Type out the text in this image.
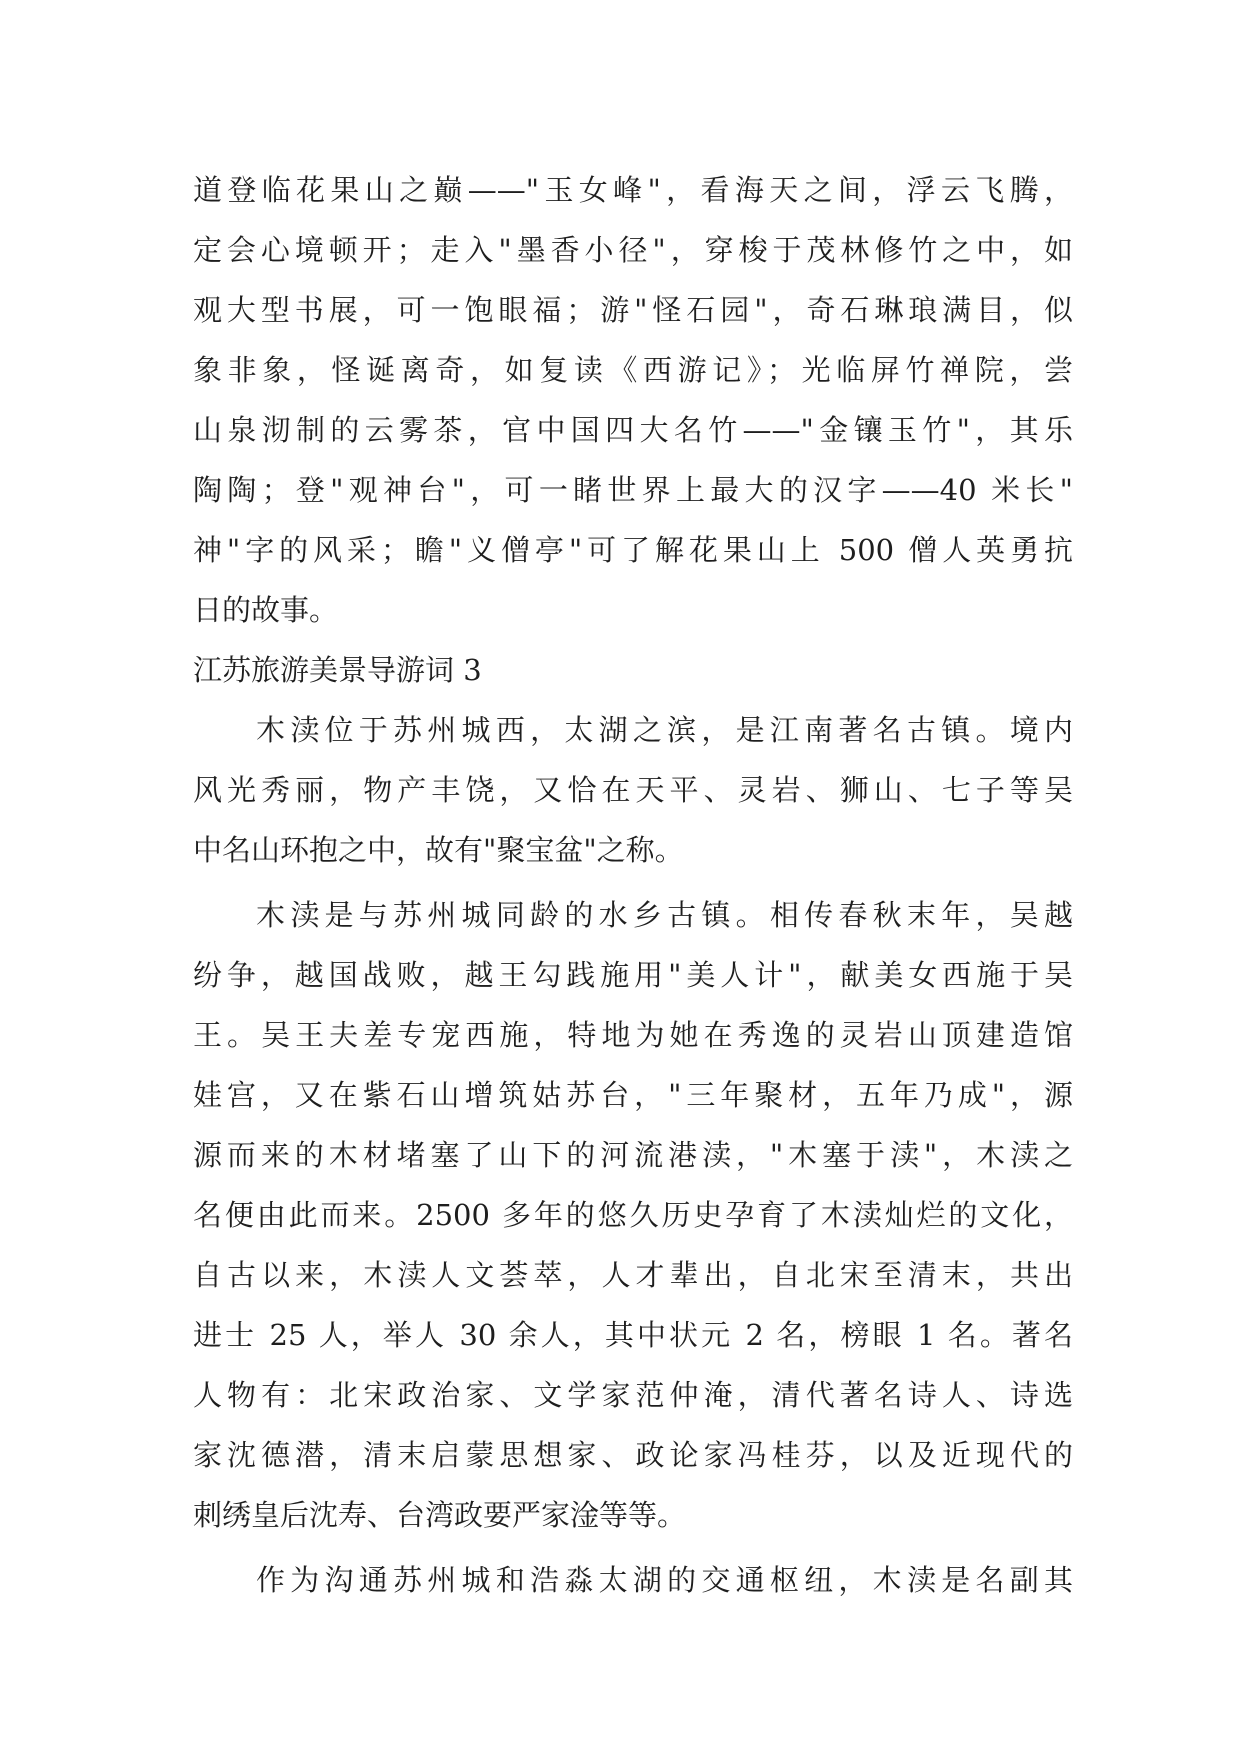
道登临花果山之巅——"玉女峰"，看海天之间，浮云飞腾，
定会心境顿开；走入"墨香小径"，穿梭于茂林修竹之中，如
观大型书展，可一饱眼福；游"怪石园"，奇石琳琅满目，似
象非象，怪诞离奇，如复读《西游记》；光临屏竹禅院，尝
山泉沏制的云雾茶，官中国四大名竹——"金镶玉竹"，其乐
陶陶；登"观神台"，可一睹世界上最大的汉字——40 米长"
神"字的风采；瞻"义僧亭"可了解花果山上 500 僧人英勇抗
日的故事。
江苏旅游美景导游词 3
木渎位于苏州城西，太湖之滨，是江南著名古镇。境内
风光秀丽，物产丰饶，又恰在天平、灵岩、狮山、七子等吴
中名山环抱之中，故有"聚宝盆"之称。
木渎是与苏州城同龄的水乡古镇。相传春秋末年，吴越
纷争，越国战败，越王勾践施用"美人计"，献美女西施于吴
王。吴王夫差专宠西施，特地为她在秀逸的灵岩山顶建造馆
娃宫，又在紫石山增筑姑苏台，"三年聚材，五年乃成"，源
源而来的木材堵塞了山下的河流港渎，"木塞于渎"，木渎之
名便由此而来。2500 多年的悠久历史孕育了木渎灿烂的文化，
自古以来，木渎人文荟萃，人才辈出，自北宋至清末，共出
进士 25 人，举人 30 余人，其中状元 2 名，榜眼 1 名。著名
人物有：北宋政治家、文学家范仲淹，清代著名诗人、诗选
家沈德潜，清末启蒙思想家、政论家冯桂芬，以及近现代的
刺绣皇后沈寿、台湾政要严家淦等等。
作为沟通苏州城和浩淼太湖的交通枢纽，木渎是名副其
